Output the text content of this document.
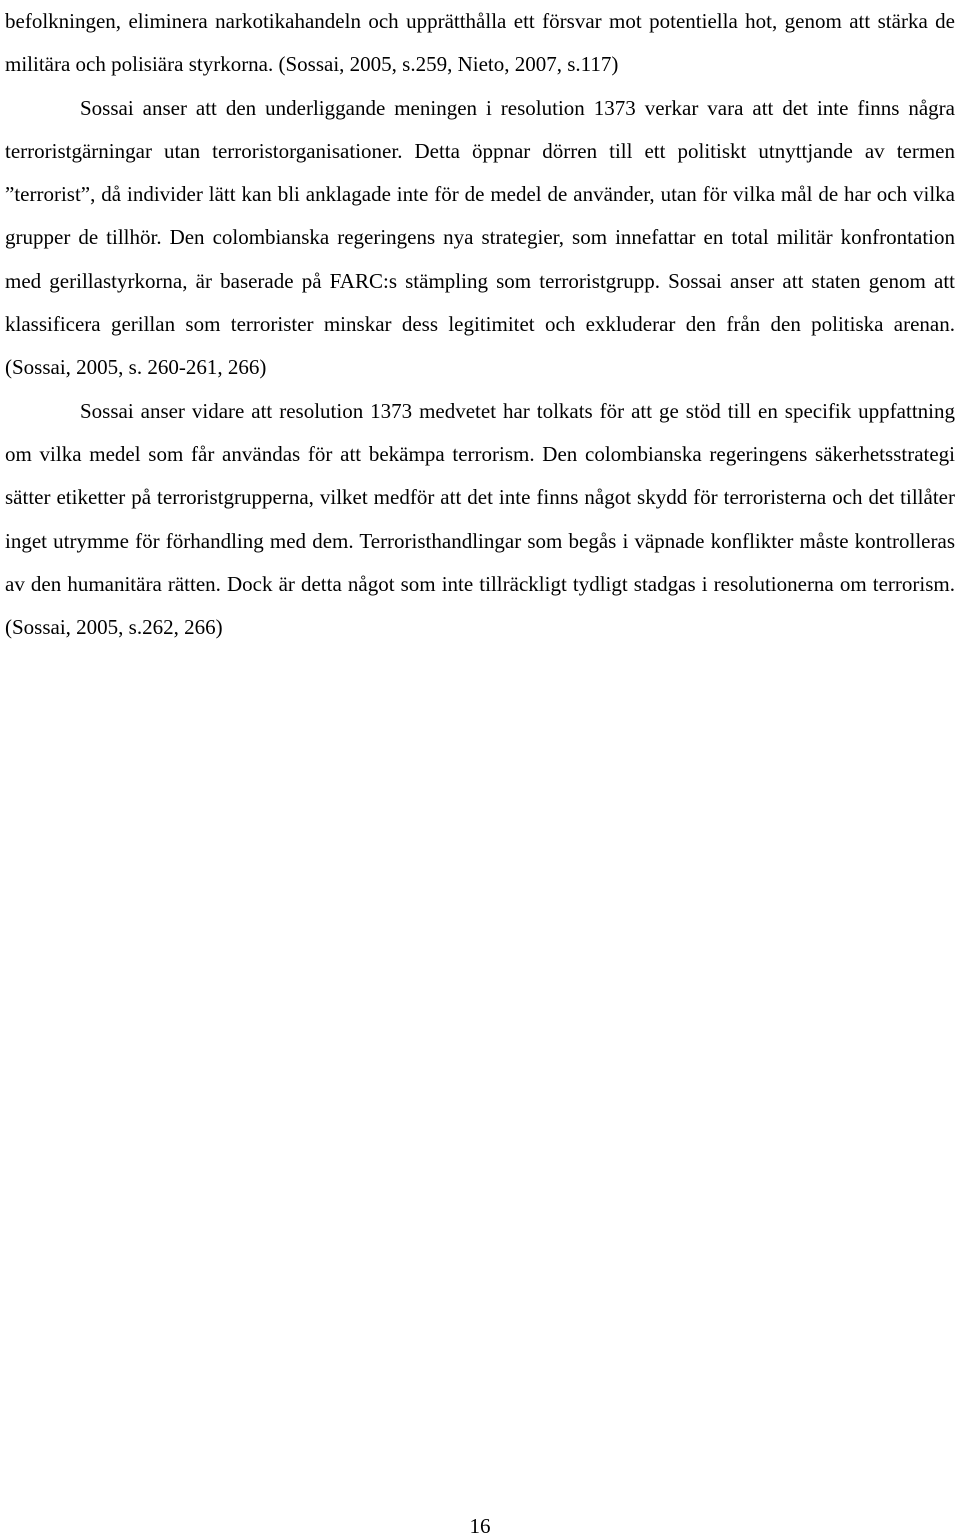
befolkningen, eliminera narkotikahandeln och upprätthålla ett försvar mot potentiella hot, genom att stärka de militära och polisiära styrkorna. (Sossai, 2005, s.259, Nieto, 2007, s.117)

Sossai anser att den underliggande meningen i resolution 1373 verkar vara att det inte finns några terroristgärningar utan terroristorganisationer. Detta öppnar dörren till ett politiskt utnyttjande av termen ”terrorist”, då individer lätt kan bli anklagade inte för de medel de använder, utan för vilka mål de har och vilka grupper de tillhör. Den colombianska regeringens nya strategier, som innefattar en total militär konfrontation med gerillastyrkorna, är baserade på FARC:s stämpling som terroristgrupp. Sossai anser att staten genom att klassificera gerillan som terrorister minskar dess legitimitet och exkluderar den från den politiska arenan. (Sossai, 2005, s. 260-261, 266)

Sossai anser vidare att resolution 1373 medvetet har tolkats för att ge stöd till en specifik uppfattning om vilka medel som får användas för att bekämpa terrorism. Den colombianska regeringens säkerhetsstrategi sätter etiketter på terroristgrupperna, vilket medför att det inte finns något skydd för terroristerna och det tillåter inget utrymme för förhandling med dem. Terroristhandlingar som begås i väpnade konflikter måste kontrolleras av den humanitära rätten. Dock är detta något som inte tillräckligt tydligt stadgas i resolutionerna om terrorism.(Sossai, 2005, s.262, 266)

16
